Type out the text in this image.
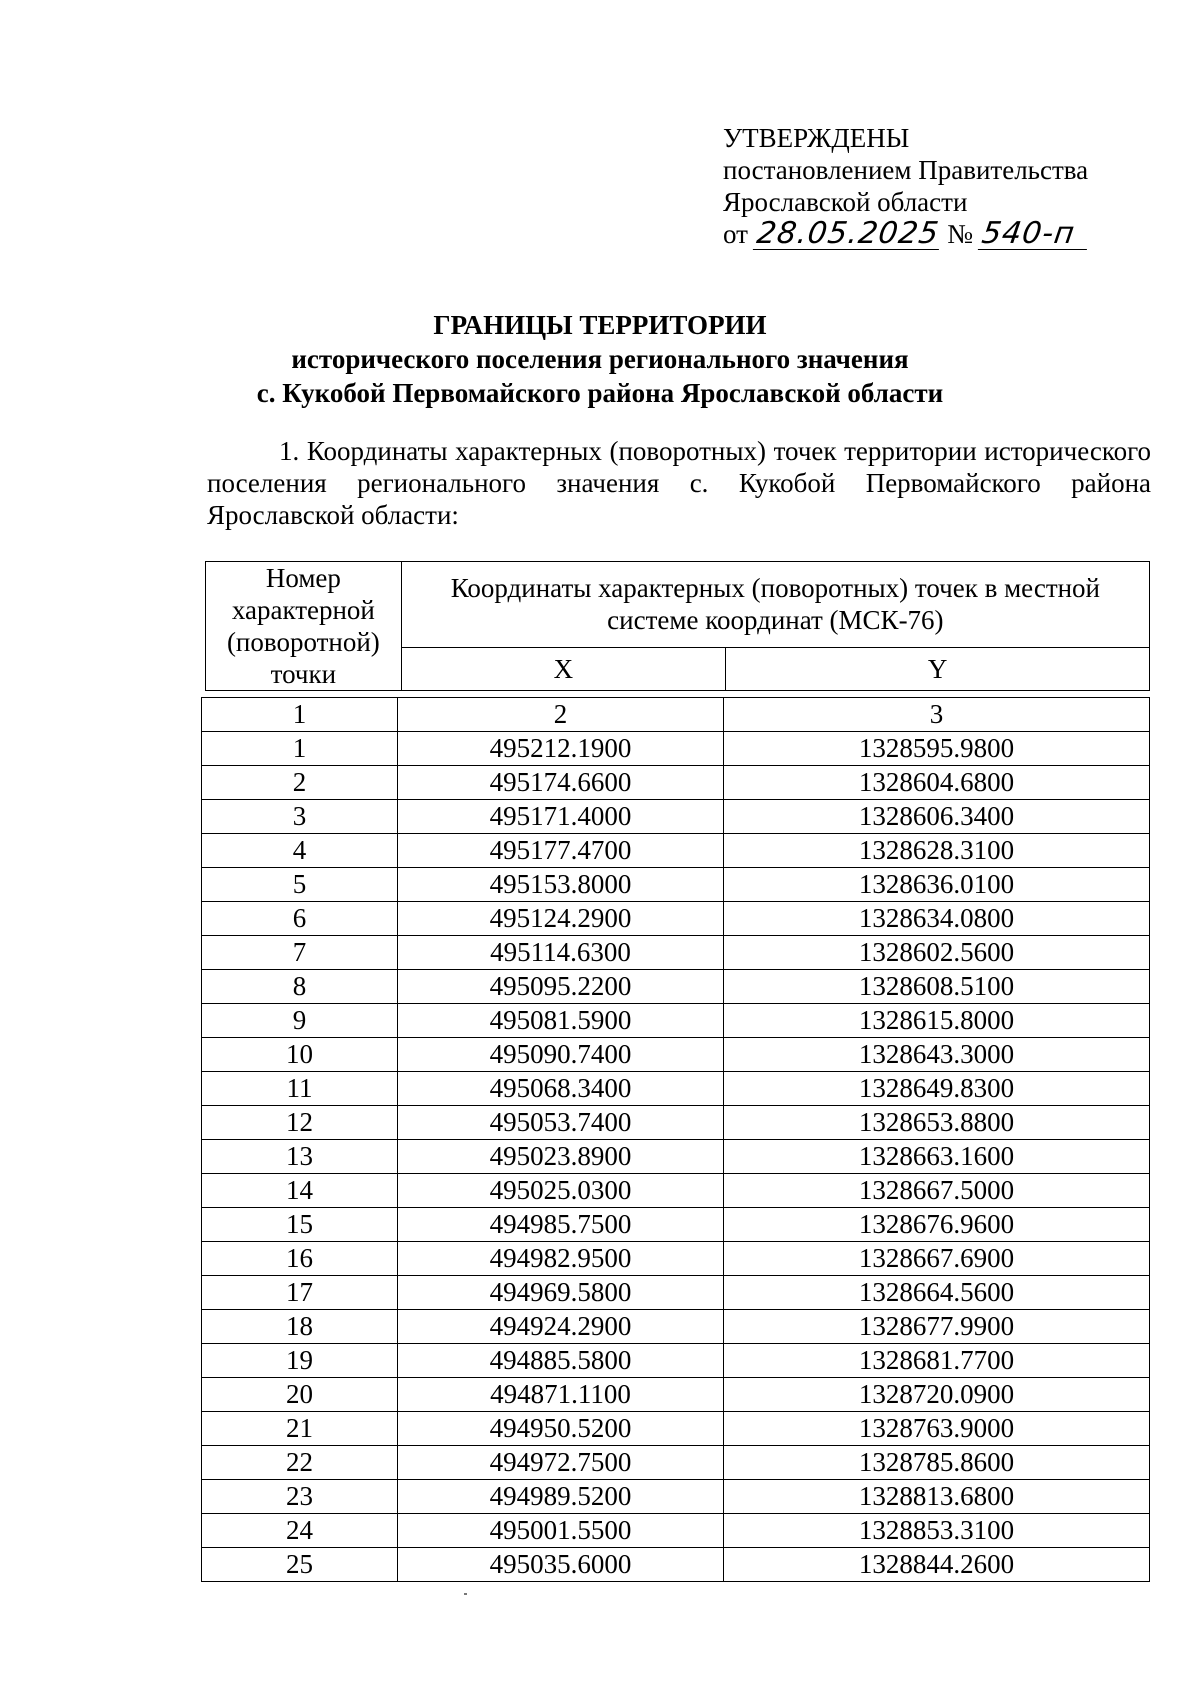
УТВЕРЖДЕНЫ
постановлением Правительства
Ярославской области
от 28.05.2025 № 540-п
ГРАНИЦЫ ТЕРРИТОРИИ
исторического поселения регионального значения
с. Кукобой Первомайского района Ярославской области
1. Координаты характерных (поворотных) точек территории исторического поселения регионального значения с. Кукобой Первомайского района Ярославской области:
Номер характерной (поворотной) точки	Координаты характерных (поворотных) точек в местной системе координат (МСК-76)	
	X	Y
1	2	3
1	495212.1900	1328595.9800
2	495174.6600	1328604.6800
3	495171.4000	1328606.3400
4	495177.4700	1328628.3100
5	495153.8000	1328636.0100
6	495124.2900	1328634.0800
7	495114.6300	1328602.5600
8	495095.2200	1328608.5100
9	495081.5900	1328615.8000
10	495090.7400	1328643.3000
11	495068.3400	1328649.8300
12	495053.7400	1328653.8800
13	495023.8900	1328663.1600
14	495025.0300	1328667.5000
15	494985.7500	1328676.9600
16	494982.9500	1328667.6900
17	494969.5800	1328664.5600
18	494924.2900	1328677.9900
19	494885.5800	1328681.7700
20	494871.1100	1328720.0900
21	494950.5200	1328763.9000
22	494972.7500	1328785.8600
23	494989.5200	1328813.6800
24	495001.5500	1328853.3100
25	495035.6000	1328844.2600
